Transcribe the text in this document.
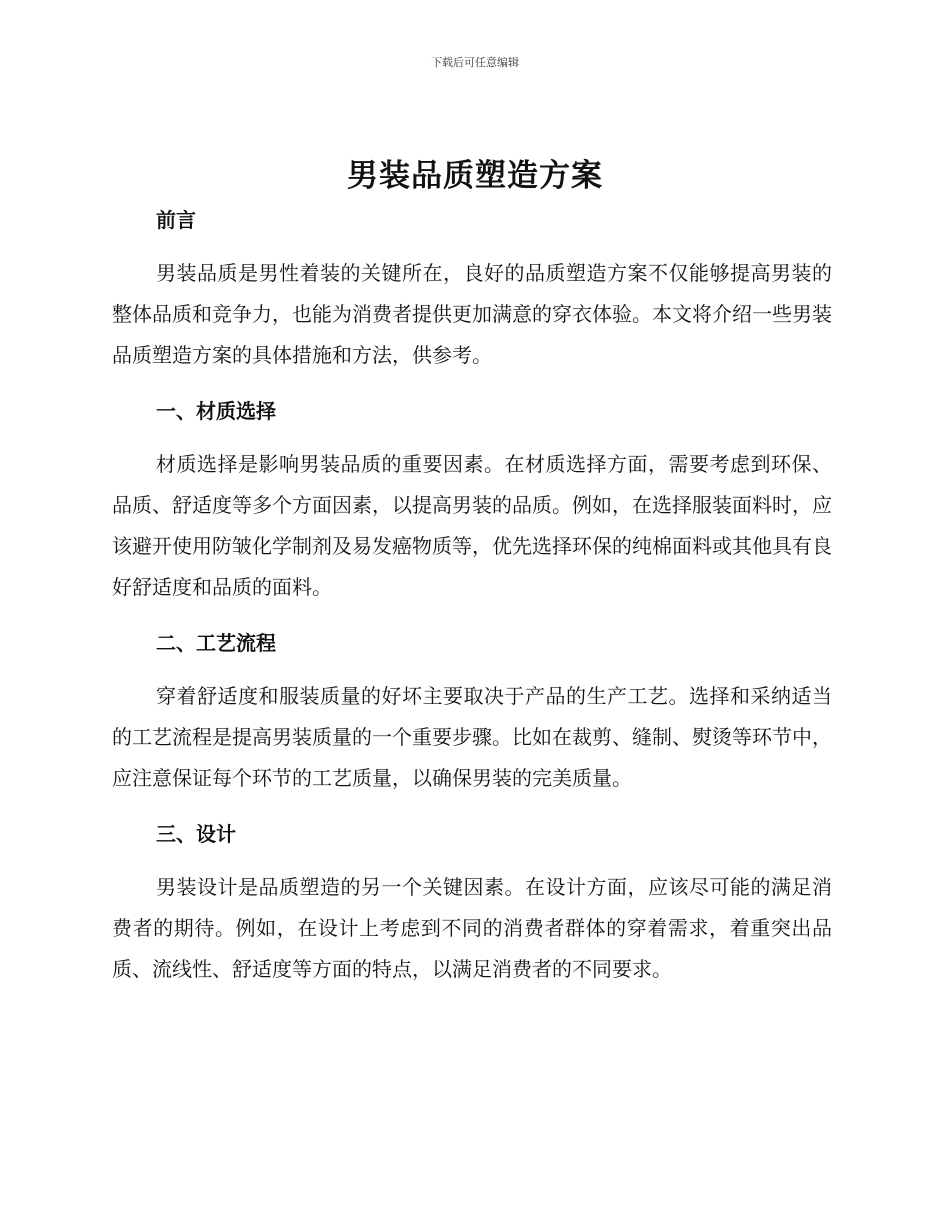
下载后可任意编辑
男装品质塑造方案
前言

男装品质是男性着装的关键所在，良好的品质塑造方案不仅能够提高男装的整体品质和竞争力，也能为消费者提供更加满意的穿衣体验。本文将介绍一些男装品质塑造方案的具体措施和方法，供参考。

一、材质选择

材质选择是影响男装品质的重要因素。在材质选择方面，需要考虑到环保、品质、舒适度等多个方面因素，以提高男装的品质。例如，在选择服装面料时，应该避开使用防皱化学制剂及易发癌物质等，优先选择环保的纯棉面料或其他具有良好舒适度和品质的面料。

二、工艺流程

穿着舒适度和服装质量的好坏主要取决于产品的生产工艺。选择和采纳适当的工艺流程是提高男装质量的一个重要步骤。比如在裁剪、缝制、熨烫等环节中，应注意保证每个环节的工艺质量，以确保男装的完美质量。

三、设计

男装设计是品质塑造的另一个关键因素。在设计方面，应该尽可能的满足消费者的期待。例如，在设计上考虑到不同的消费者群体的穿着需求，着重突出品质、流线性、舒适度等方面的特点，以满足消费者的不同要求。
